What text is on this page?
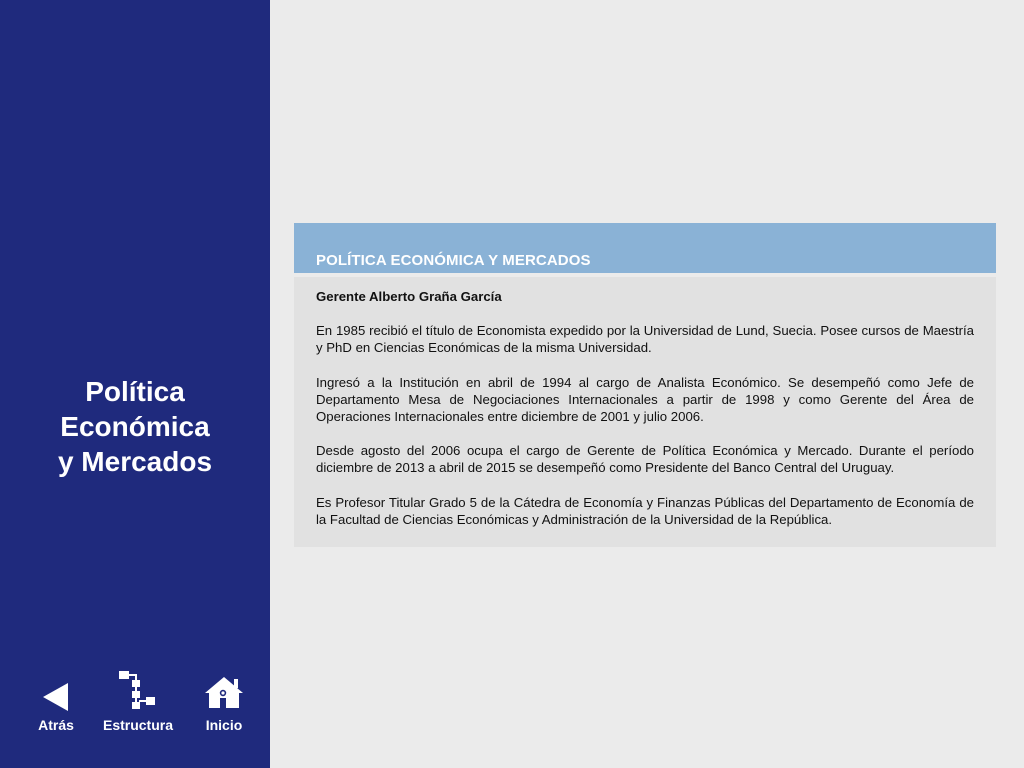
Política
Económica
y Mercados
Atrás	Estructura	Inicio
POLÍTICA ECONÓMICA Y MERCADOS
Gerente Alberto Graña García

En 1985 recibió el título de Economista expedido por la Universidad de Lund, Suecia. Posee cursos de Maestría y PhD en Ciencias Económicas de la misma Universidad.

Ingresó a la Institución en abril de 1994 al cargo de Analista Económico. Se desempeñó como Jefe de Departamento Mesa de Negociaciones Internacionales a partir de 1998 y como Gerente del Área de Operaciones Internacionales entre diciembre de 2001 y julio 2006.

Desde agosto del 2006 ocupa el cargo de Gerente de Política Económica y Mercado. Durante el período diciembre de 2013 a abril de 2015 se desempeñó como Presidente del Banco Central del Uruguay.

Es Profesor Titular Grado 5 de la Cátedra de Economía y Finanzas Públicas del Departamento de Economía de la Facultad de Ciencias Económicas y Administración de la Universidad de la República.
